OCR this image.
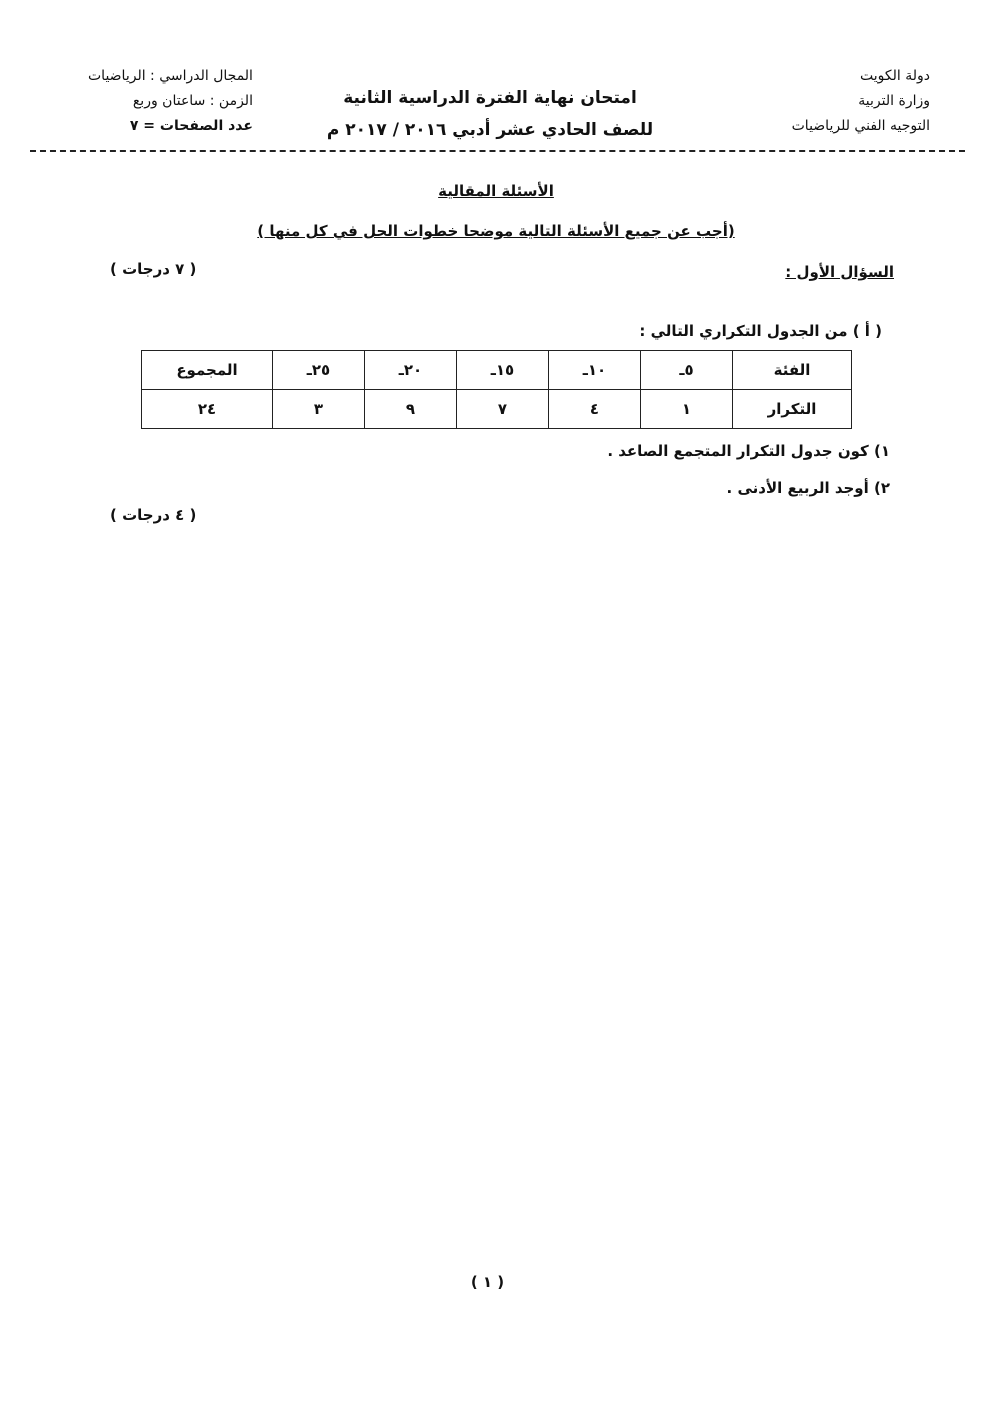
دولة الكويت
وزارة التربية
التوجيه الفني للرياضيات
امتحان نهاية الفترة الدراسية الثانية
للصف الحادي عشر أدبي ٢٠١٦ / ٢٠١٧ م
المجال الدراسي : الرياضيات
الزمن : ساعتان وربع
عدد الصفحات = ٧
الأسئلة المقالية
(أجب عن جميع الأسئلة التالية موضحا خطوات الحل في كل منها )
السؤال الأول :
( ٧ درجات )
( أ ) من الجدول التكراري التالي :
الفئة	٥ـ	١٠ـ	١٥ـ	٢٠ـ	٢٥ـ	المجموع
التكرار	١	٤	٧	٩	٣	٢٤
١) كون جدول التكرار المتجمع الصاعد .
٢) أوجد الربيع الأدنى .
( ٤ درجات )
( ١ )
